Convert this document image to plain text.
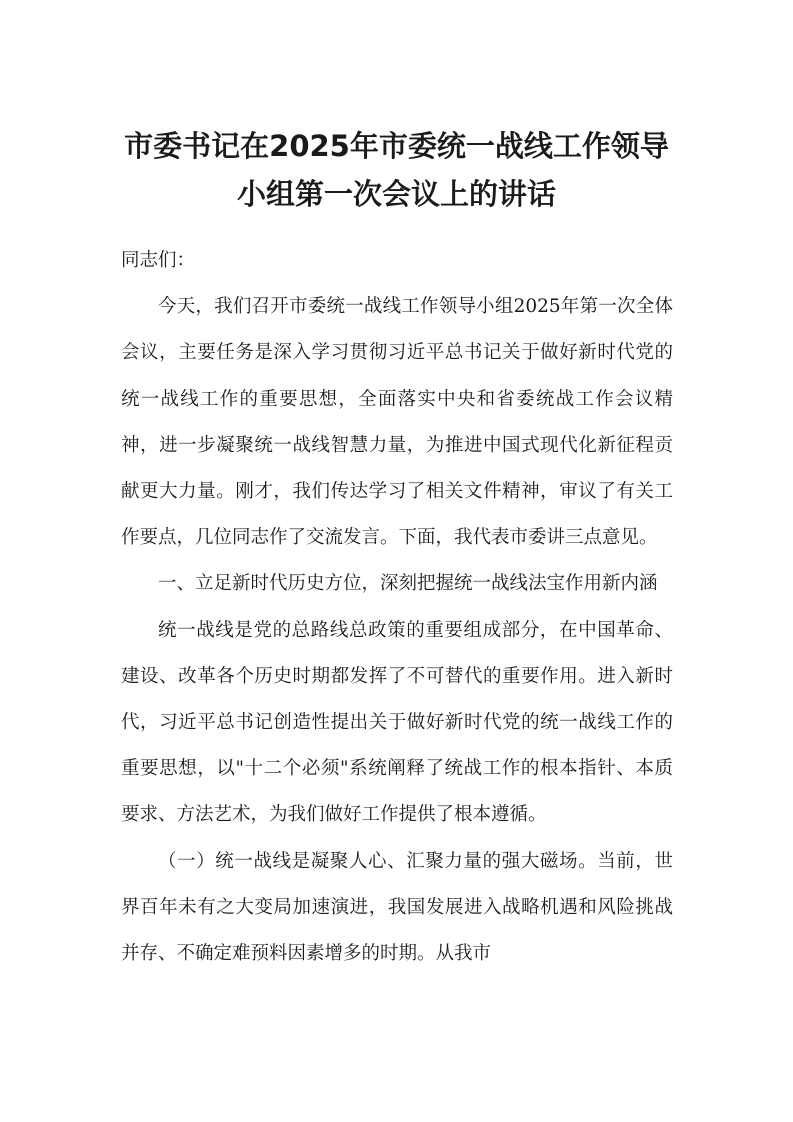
市委书记在2025年市委统一战线工作领导
小组第一次会议上的讲话

同志们：

今天，我们召开市委统一战线工作领导小组2025年第一次全体会议，主要任务是深入学习贯彻习近平总书记关于做好新时代党的统一战线工作的重要思想，全面落实中央和省委统战工作会议精神，进一步凝聚统一战线智慧力量，为推进中国式现代化新征程贡献更大力量。刚才，我们传达学习了相关文件精神，审议了有关工作要点，几位同志作了交流发言。下面，我代表市委讲三点意见。

一、立足新时代历史方位，深刻把握统一战线法宝作用新内涵

统一战线是党的总路线总政策的重要组成部分，在中国革命、建设、改革各个历史时期都发挥了不可替代的重要作用。进入新时代，习近平总书记创造性提出关于做好新时代党的统一战线工作的重要思想，以"十二个必须"系统阐释了统战工作的根本指针、本质要求、方法艺术，为我们做好工作提供了根本遵循。

（一）统一战线是凝聚人心、汇聚力量的强大磁场。当前，世界百年未有之大变局加速演进，我国发展进入战略机遇和风险挑战并存、不确定难预料因素增多的时期。从我市
